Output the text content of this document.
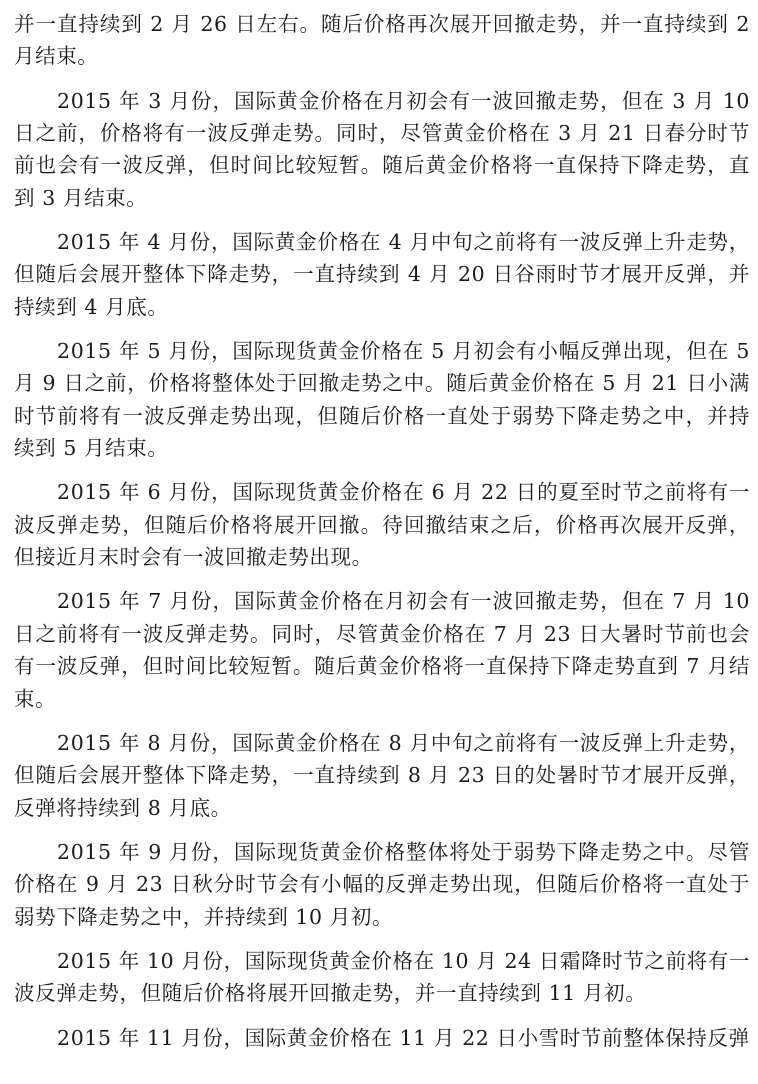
并一直持续到 2 月 26 日左右。随后价格再次展开回撤走势，并一直持续到 2 月结束。

2015 年 3 月份，国际黄金价格在月初会有一波回撤走势，但在 3 月 10 日之前，价格将有一波反弹走势。同时，尽管黄金价格在 3 月 21 日春分时节前也会有一波反弹，但时间比较短暂。随后黄金价格将一直保持下降走势，直到 3 月结束。

2015 年 4 月份，国际黄金价格在 4 月中旬之前将有一波反弹上升走势，但随后会展开整体下降走势，一直持续到 4 月 20 日谷雨时节才展开反弹，并持续到 4 月底。

2015 年 5 月份，国际现货黄金价格在 5 月初会有小幅反弹出现，但在 5 月 9 日之前，价格将整体处于回撤走势之中。随后黄金价格在 5 月 21 日小满时节前将有一波反弹走势出现，但随后价格一直处于弱势下降走势之中，并持续到 5 月结束。

2015 年 6 月份，国际现货黄金价格在 6 月 22 日的夏至时节之前将有一波反弹走势，但随后价格将展开回撤。待回撤结束之后，价格再次展开反弹，但接近月末时会有一波回撤走势出现。

2015 年 7 月份，国际黄金价格在月初会有一波回撤走势，但在 7 月 10 日之前将有一波反弹走势。同时，尽管黄金价格在 7 月 23 日大暑时节前也会有一波反弹，但时间比较短暂。随后黄金价格将一直保持下降走势直到 7 月结束。

2015 年 8 月份，国际黄金价格在 8 月中旬之前将有一波反弹上升走势，但随后会展开整体下降走势，一直持续到 8 月 23 日的处暑时节才展开反弹，反弹将持续到 8 月底。

2015 年 9 月份，国际现货黄金价格整体将处于弱势下降走势之中。尽管价格在 9 月 23 日秋分时节会有小幅的反弹走势出现，但随后价格将一直处于弱势下降走势之中，并持续到 10 月初。

2015 年 10 月份，国际现货黄金价格在 10 月 24 日霜降时节之前将有一波反弹走势，但随后价格将展开回撤走势，并一直持续到 11 月初。

2015 年 11 月份，国际黄金价格在 11 月 22 日小雪时节前整体保持反弹
